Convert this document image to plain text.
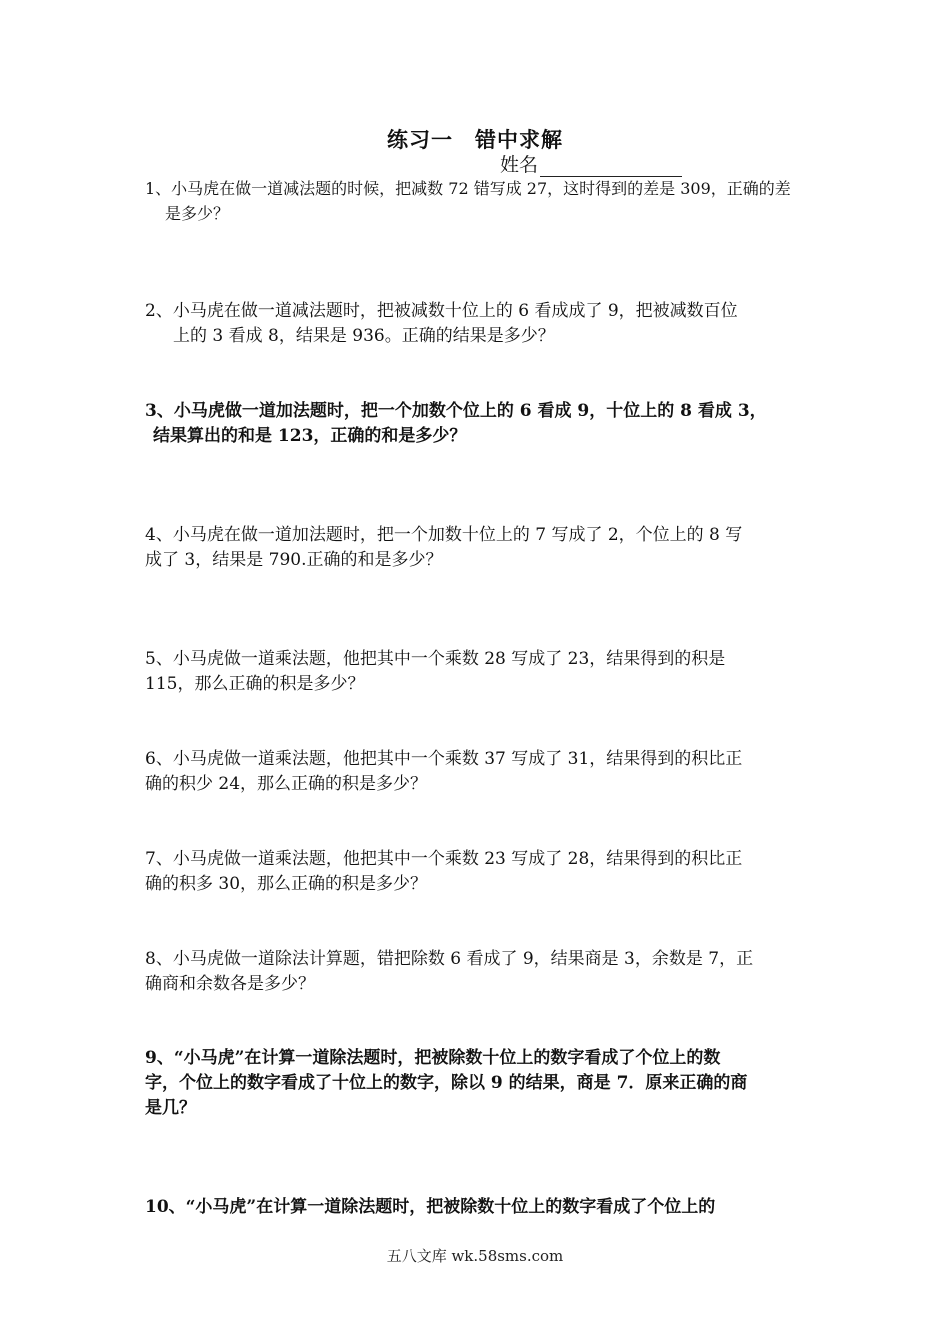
练习一　错中求解
姓名
1、小马虎在做一道减法题的时候，把减数 72 错写成 27，这时得到的差是 309，正确的差
是多少？
2、小马虎在做一道减法题时，把被减数十位上的 6 看成成了 9，把被减数百位
上的 3 看成 8，结果是 936。正确的结果是多少？
3、小马虎做一道加法题时，把一个加数个位上的 6 看成 9，十位上的 8 看成 3，
结果算出的和是 123，正确的和是多少？
4、小马虎在做一道加法题时，把一个加数十位上的 7 写成了 2，个位上的 8 写
成了 3，结果是 790.正确的和是多少？
5、小马虎做一道乘法题，他把其中一个乘数 28 写成了 23，结果得到的积是
115，那么正确的积是多少？
6、小马虎做一道乘法题，他把其中一个乘数 37 写成了 31，结果得到的积比正
确的积少 24，那么正确的积是多少？
7、小马虎做一道乘法题，他把其中一个乘数 23 写成了 28，结果得到的积比正
确的积多 30，那么正确的积是多少？
8、小马虎做一道除法计算题，错把除数 6 看成了 9，结果商是 3，余数是 7，正
确商和余数各是多少？
9、“小马虎”在计算一道除法题时，把被除数十位上的数字看成了个位上的数
字，个位上的数字看成了十位上的数字，除以 9 的结果，商是 7．原来正确的商
是几？
10、“小马虎”在计算一道除法题时，把被除数十位上的数字看成了个位上的
五八文库 wk.58sms.com
